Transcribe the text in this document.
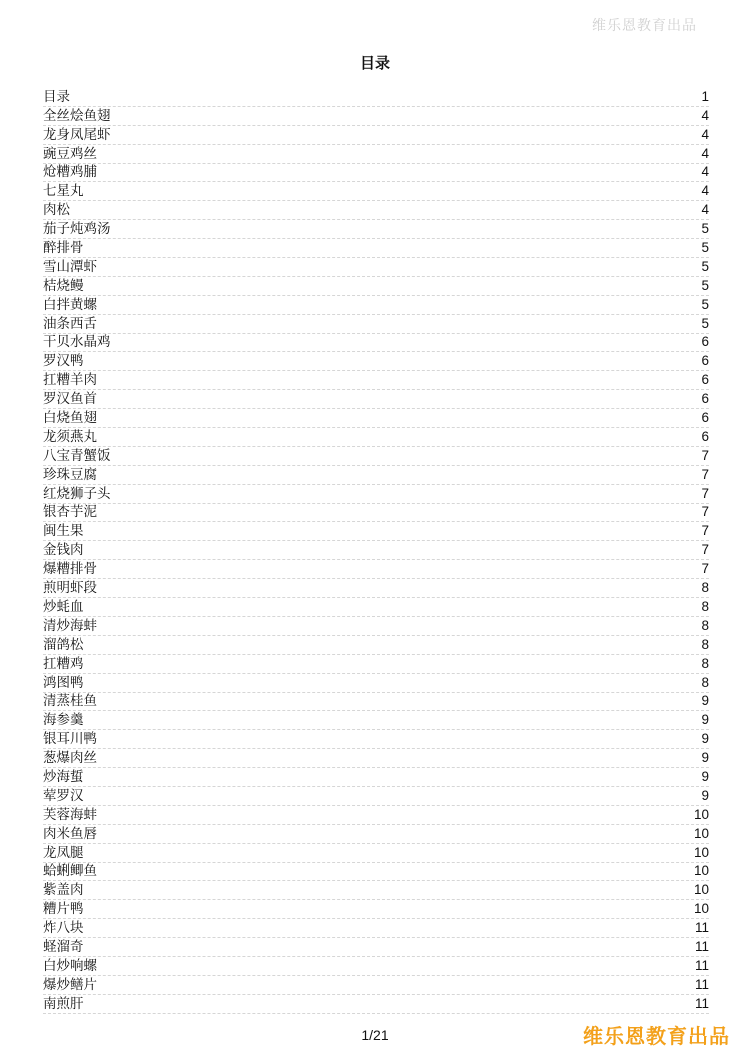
维乐恩教育出品
目录
目录	1
全丝烩鱼翅	4
龙身凤尾虾	4
豌豆鸡丝	4
炝糟鸡脯	4
七星丸	4
肉松	4
茄子炖鸡汤	5
醉排骨	5
雪山潭虾	5
桔烧鳗	5
白拌黄螺	5
油条西舌	5
干贝水晶鸡	6
罗汉鸭	6
扛糟羊肉	6
罗汉鱼首	6
白烧鱼翅	6
龙须燕丸	6
八宝青蟹饭	7
珍珠豆腐	7
红烧狮子头	7
银杏芋泥	7
闽生果	7
金钱肉	7
爆糟排骨	7
煎明虾段	8
炒蚝血	8
清炒海蚌	8
溜鸽松	8
扛糟鸡	8
鸿图鸭	8
清蒸桂鱼	9
海参羹	9
银耳川鸭	9
葱爆肉丝	9
炒海蜇	9
荤罗汉	9
芙蓉海蚌	10
肉米鱼唇	10
龙凤腿	10
蛤蜊鲫鱼	10
紫盖肉	10
糟片鸭	10
炸八块	11
蛏溜奇	11
白炒响螺	11
爆炒鳝片	11
南煎肝	11
1/21	维乐恩教育出品
